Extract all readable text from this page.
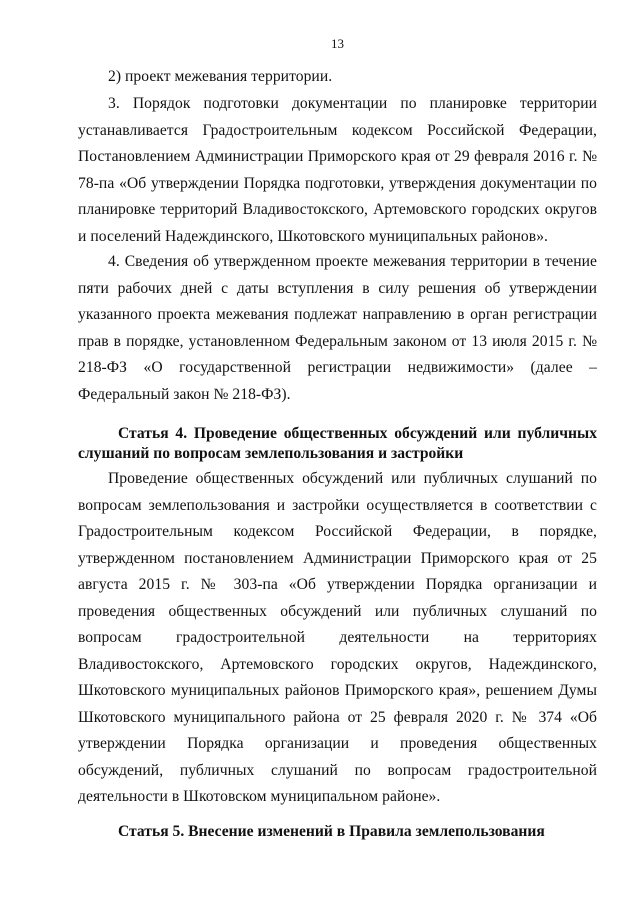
13

2) проект межевания территории.

3. Порядок подготовки документации по планировке территории устанавливается Градостроительным кодексом Российской Федерации, Постановлением Администрации Приморского края от 29 февраля 2016 г. № 78-па «Об утверждении Порядка подготовки, утверждения документации по планировке территорий Владивостокского, Артемовского городских округов и поселений Надеждинского, Шкотовского муниципальных районов».

4. Сведения об утвержденном проекте межевания территории в течение пяти рабочих дней с даты вступления в силу решения об утверждении указанного проекта межевания подлежат направлению в орган регистрации прав в порядке, установленном Федеральным законом от 13 июля 2015 г. № 218-ФЗ «О государственной регистрации недвижимости» (далее – Федеральный закон № 218-ФЗ).

Статья 4. Проведение общественных обсуждений или публичных слушаний по вопросам землепользования и застройки

Проведение общественных обсуждений или публичных слушаний по вопросам землепользования и застройки осуществляется в соответствии с Градостроительным кодексом Российской Федерации, в порядке, утвержденном постановлением Администрации Приморского края от 25 августа 2015 г. № 303-па «Об утверждении Порядка организации и проведения общественных обсуждений или публичных слушаний по вопросам градостроительной деятельности на территориях Владивостокского, Артемовского городских округов, Надеждинского, Шкотовского муниципальных районов Приморского края», решением Думы Шкотовского муниципального района от 25 февраля 2020 г. № 374 «Об утверждении Порядка организации и проведения общественных обсуждений, публичных слушаний по вопросам градостроительной деятельности в Шкотовском муниципальном районе».

Статья 5. Внесение изменений в Правила землепользования
